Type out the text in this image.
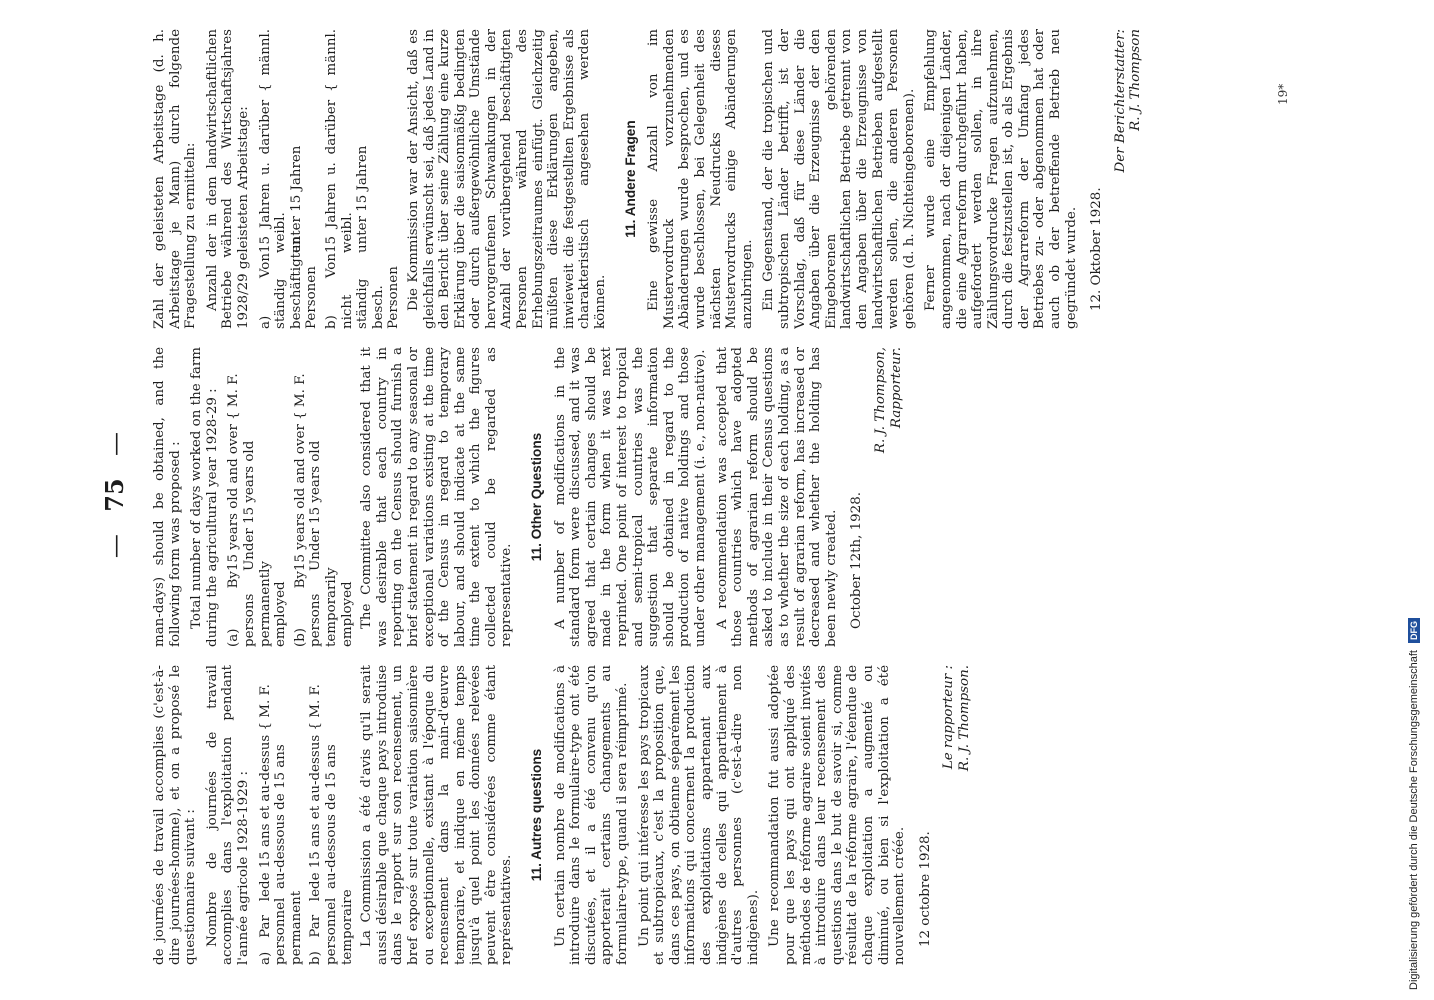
— 75 —

de journées de travail accomplies (c'est-à-dire journées-homme), et on a proposé le questionnaire suivant : Nombre de journées de travail accomplies dans l'exploitation pendant l'année agricole 1928-1929 : a) Par le personnel permanent
de 15 ans et au-dessus { M. F. au-dessous de 15 ans
b) Par le personnel temporaire
de 15 ans et au-dessus { M. F. au-dessous de 15 ans La Commission a été d'avis qu'il serait aussi désirable que chaque pays introduise dans le rapport sur son recensement, un bref exposé sur toute variation saisonnière ou exceptionnelle, existant à l'époque du recensement dans la main-d'œuvre temporaire, et indique en même temps jusqu'à quel point les données relevées peuvent être considérées comme étant représentatives.

11. Autres questions Un certain nombre de modifications à introduire dans le formulaire-type ont été discutées, et il a été convenu qu'on apporterait certains changements au formulaire-type, quand il sera réimprimé. Un point qui intéresse les pays tropicaux et subtropicaux, c'est la proposition que, dans ces pays, on obtienne séparément les informations qui concernent la production des exploitations appartenant aux indigènes de celles qui appartiennent à d'autres personnes (c'est-à-dire non indigènes). Une recommandation fut aussi adoptée pour que les pays qui ont appliqué des méthodes de réforme agraire soient invités à introduire dans leur recensement des questions dans le but de savoir si, comme résultat de la réforme agraire, l'étendue de chaque exploitation a augmenté ou diminué, ou bien si l'exploitation a été nouvellement créée. 12 octobre 1928.

Le rapporteur : R. J. Thompson.

man-days) should be obtained, and the following form was proposed : Total number of days worked on the farm during the agricultural year 1928-29 : (a) By persons permanently employed
15 years old and over { M. F. Under 15 years old
(b) By persons temporarily employed
15 years old and over { M. F. Under 15 years old	The Committee also considered that it was desirable that each country in reporting on the Census should furnish a brief statement in regard to any seasonal or exceptional variations existing at the time of the Census in regard to temporary labour, and should indicate at the same time the extent to which the figures collected could be regarded as representative.

11. Other Questions A number of modifications in the standard form were discussed, and it was agreed that certain changes should be made in the form when it was next reprinted. One point of interest to tropical and semi-tropical countries was the suggestion that separate information should be obtained in regard to the production of native holdings and those under other management (i. e., non-native). A recommendation was accepted that those countries which have adopted methods of agrarian reform should be asked to include in their Census questions as to whether the size of each holding, as a result of agrarian reform, has increased or decreased and whether the holding has been newly created. October 12th, 1928.

R. J. Thompson, Rapporteur.

Zahl der geleisteten Arbeitstage (d. h. Arbeitstage je Mann) durch folgende Fragestellung zu ermitteln: Anzahl der in dem landwirtschaftlichen Betriebe während des Wirtschaftsjahres 1928/29 geleisteten Arbeitstage: a) Von ständig beschäftigten Personen
15 Jahren u. darüber { männl. weibl. unter 15 Jahren
b) Von nicht ständig besch. Personen
15 Jahren u. darüber { männl. weibl. unter 15 Jahren	Die Kommission war der Ansicht, daß es gleichfalls erwünscht sei, daß jedes Land in den Bericht über seine Zählung eine kurze Erklärung über die saisonmäßig bedingten oder durch außergewöhnliche Umstände hervorgerufenen Schwankungen in der Anzahl der vorübergehend beschäftigten Personen während des Erhebungszeitraumes einfügt. Gleichzeitig müßten diese Erklärungen angeben, inwieweit die festgestellten Ergebnisse als charakteristisch angesehen werden können.

11. Andere Fragen Eine gewisse Anzahl von im Mustervordruck vorzunehmenden Abänderungen wurde besprochen, und es wurde beschlossen, bei Gelegenheit des nächsten Neudrucks dieses Mustervordrucks einige Abänderungen anzubringen. Ein Gegenstand, der die tropischen und subtropischen Länder betrifft, ist der Vorschlag, daß für diese Länder die Angaben über die Erzeugnisse der den Eingeborenen gehörenden landwirtschaftlichen Betriebe getrennt von den Angaben über die Erzeugnisse von landwirtschaftlichen Betrieben aufgestellt werden sollen, die anderen Personen gehören (d. h. Nichteingeborenen). Ferner wurde eine Empfehlung angenommen, nach der diejenigen Länder, die eine Agrarreform durchgeführt haben, aufgefordert werden sollen, in ihre Zählungsvordrucke Fragen aufzunehmen, durch die festzustellen ist, ob als Ergebnis der Agrarreform der Umfang jedes Betriebes zu- oder abgenommen hat oder auch ob der betreffende Betrieb neu gegründet wurde. 12. Oktober 1928.

Der Berichterstatter: R. J. Thompson	19*
Digitalisierung gefördert durch die Deutsche Forschungsgemeinschaft DFG
